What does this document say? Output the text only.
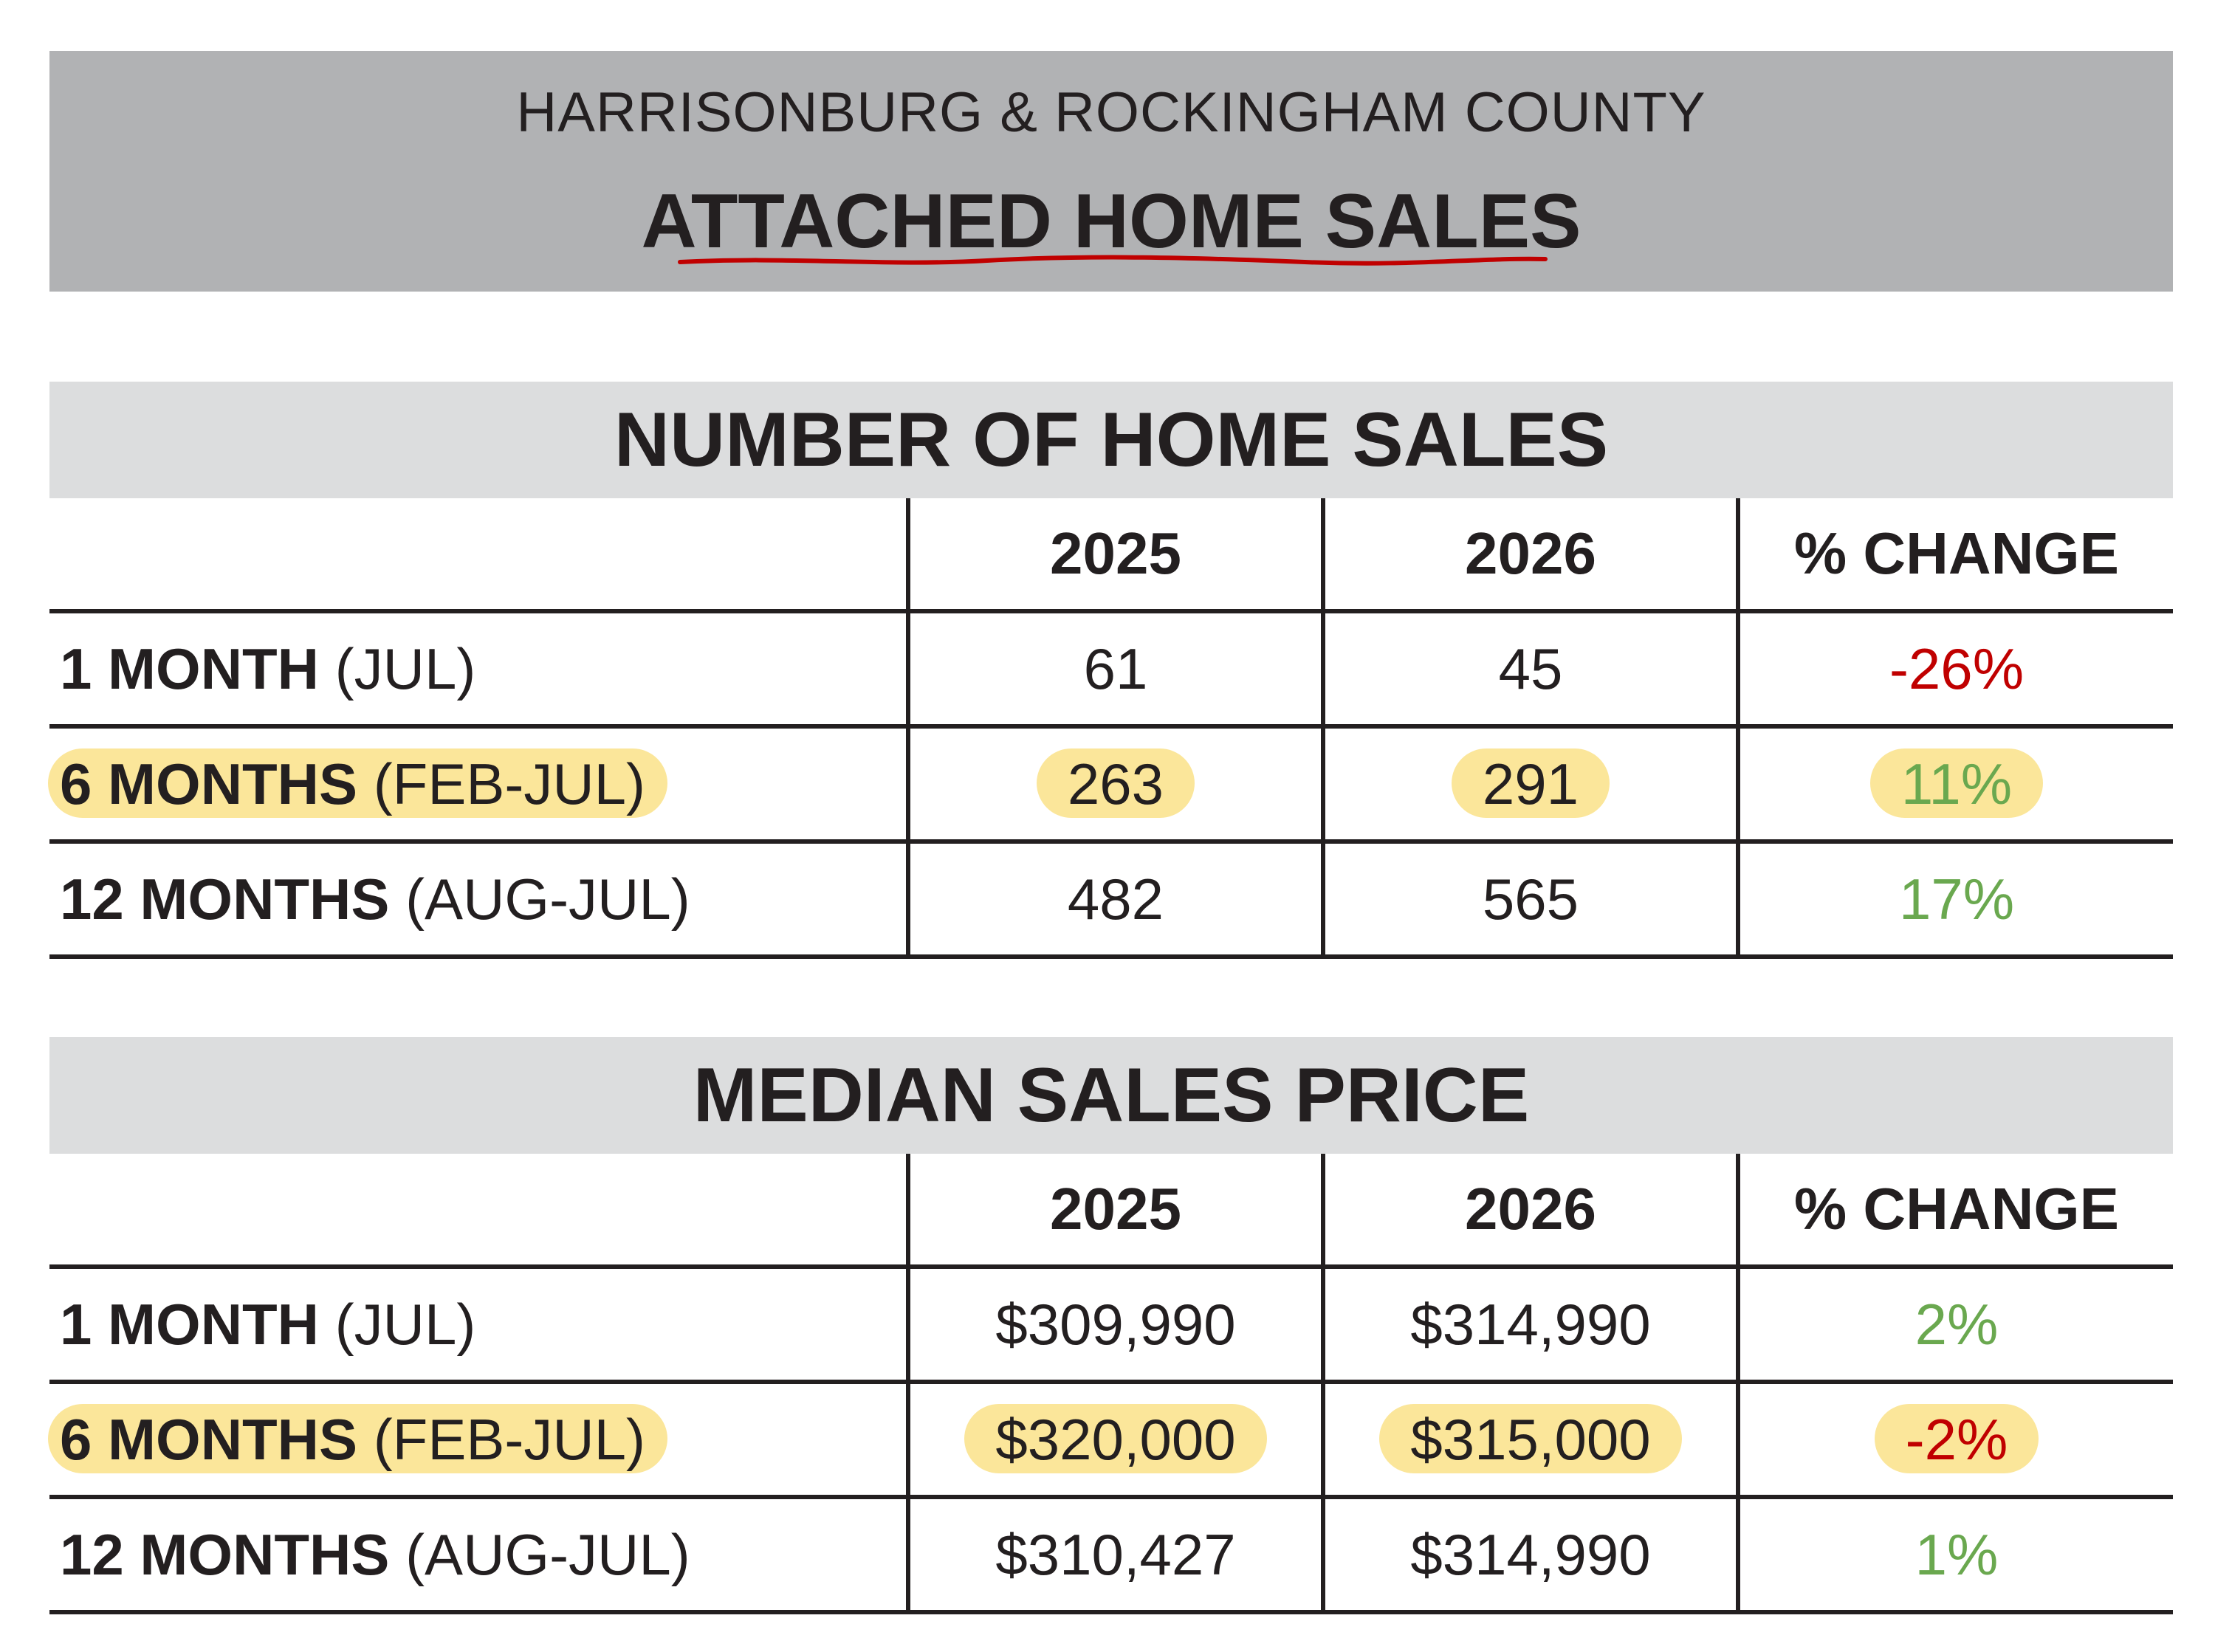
HARRISONBURG & ROCKINGHAM COUNTY
ATTACHED HOME SALES
NUMBER OF HOME SALES
	2025	2026	% CHANGE
1 MONTH (JUL)	61	45	-26%
6 MONTHS (FEB-JUL)	263	291	11%
12 MONTHS (AUG-JUL)	482	565	17%
MEDIAN SALES PRICE
	2025	2026	% CHANGE
1 MONTH (JUL)	$309,990	$314,990	2%
6 MONTHS (FEB-JUL)	$320,000	$315,000	-2%
12 MONTHS (AUG-JUL)	$310,427	$314,990	1%
